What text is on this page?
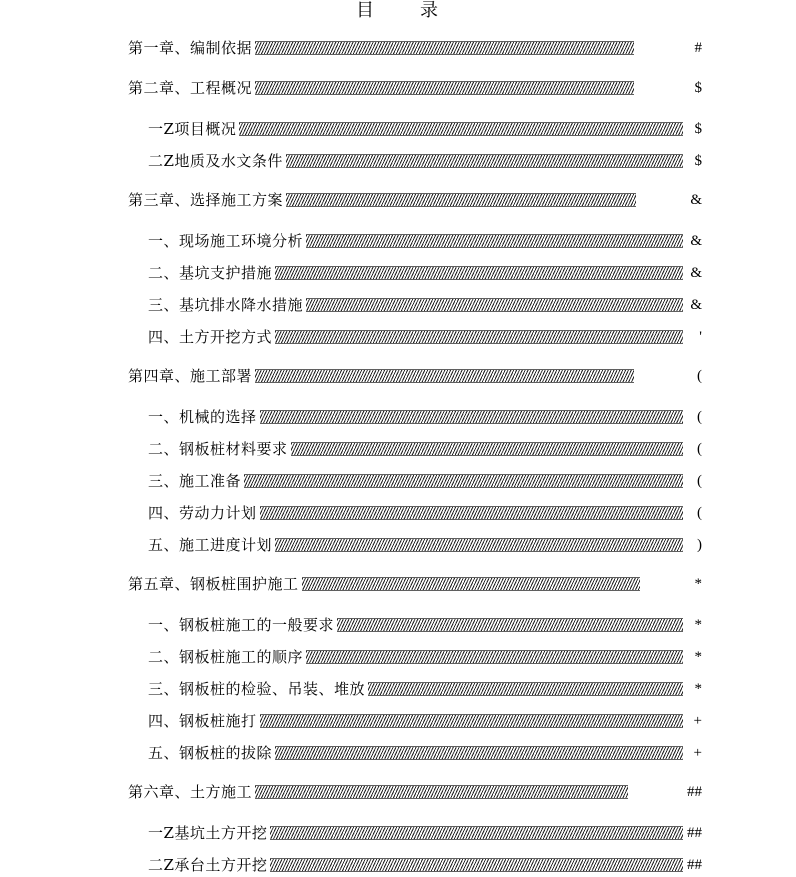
目 录
第一章、编制依据	#
第二章、工程概况	$
一Z项目概况	$
二Z地质及水文条件	$
第三章、选择施工方案	&
一、现场施工环境分析	&
二、基坑支护措施	&
三、基坑排水降水措施	&
四、土方开挖方式	'
第四章、施工部署	(
一、机械的选择	(
二、钢板桩材料要求	(
三、施工准备	(
四、劳动力计划	(
五、施工进度计划	)
第五章、钢板桩围护施工	*
一、钢板桩施工的一般要求	*
二、钢板桩施工的顺序	*
三、钢板桩的检验、吊装、堆放	*
四、钢板桩施打	+
五、钢板桩的拔除	+
第六章、土方施工	##
一Z基坑土方开挖	##
二Z承台土方开挖	##
